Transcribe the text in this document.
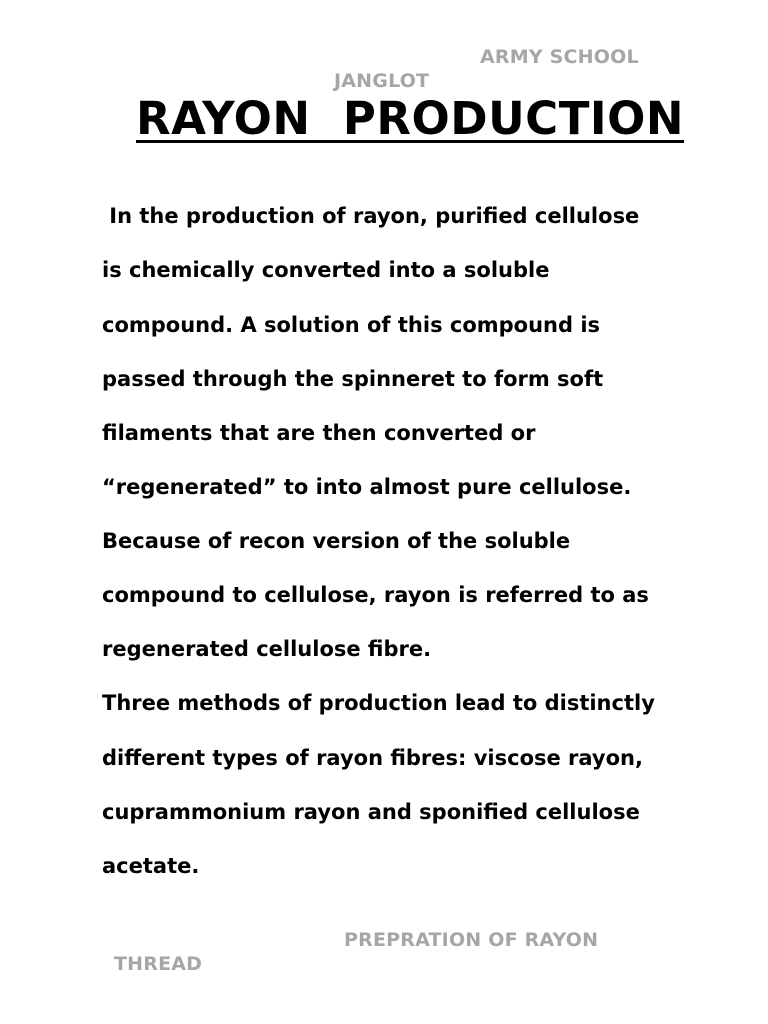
ARMY SCHOOL
JANGLOT
RAYON  PRODUCTION
In the production of rayon, purified cellulose
is chemically converted into a soluble
compound. A solution of this compound is
passed through the spinneret to form soft
filaments that are then converted or
“regenerated” to into almost pure cellulose.
Because of recon version of the soluble
compound to cellulose, rayon is referred to as
regenerated cellulose fibre.
Three methods of production lead to distinctly
different types of rayon fibres: viscose rayon,
cuprammonium rayon and sponified cellulose
acetate.
PREPRATION OF RAYON
THREAD
